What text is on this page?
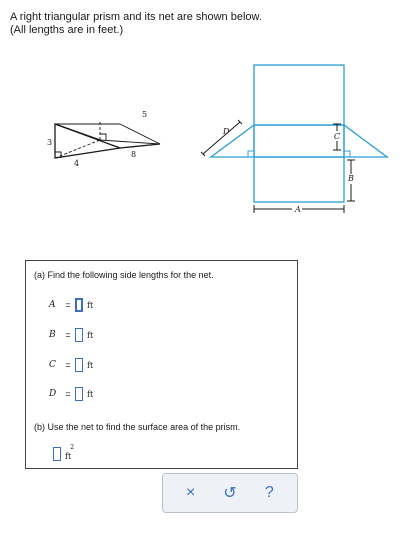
A right triangular prism and its net are shown below.
(All lengths are in feet.)
3
4
8
5
A
B
C
D
(a) Find the following side lengths for the net.
A	=	ft
B	=	ft
C	=	ft
D	=	ft
(b) Use the net to find the surface area of the prism.
ft
2
×	↺	?
